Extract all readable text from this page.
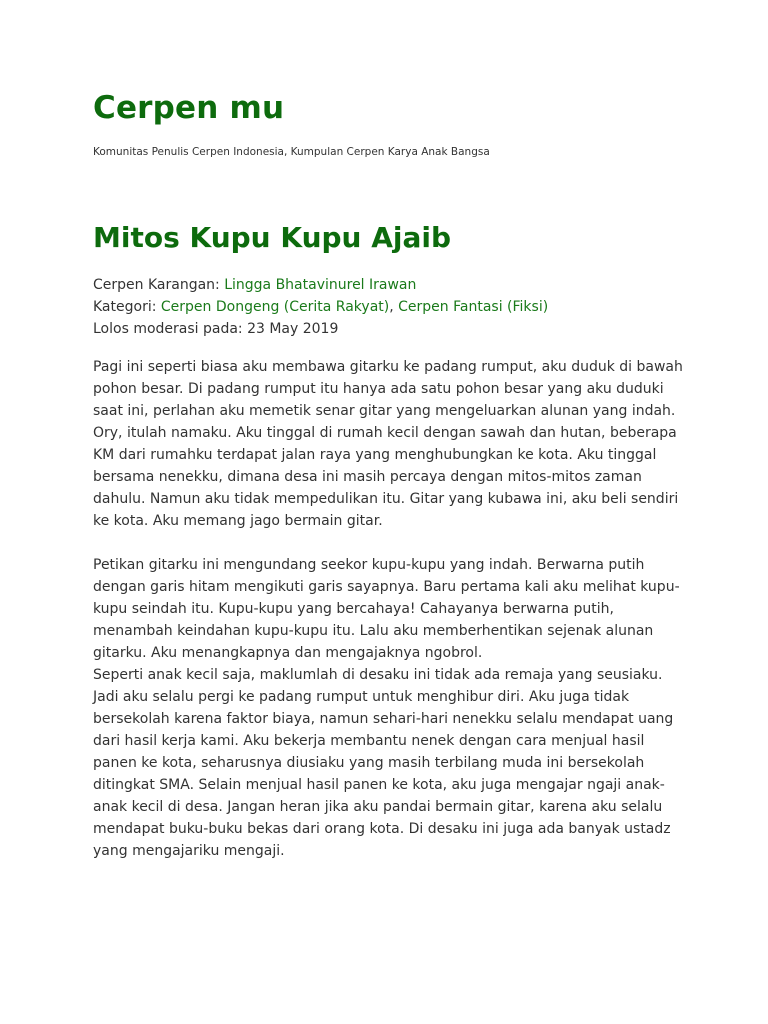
Cerpen mu
Komunitas Penulis Cerpen Indonesia, Kumpulan Cerpen Karya Anak Bangsa
Mitos Kupu Kupu Ajaib
Cerpen Karangan: Lingga Bhatavinurel Irawan
Kategori: Cerpen Dongeng (Cerita Rakyat), Cerpen Fantasi (Fiksi)
Lolos moderasi pada: 23 May 2019

Pagi ini seperti biasa aku membawa gitarku ke padang rumput, aku duduk di bawah pohon besar. Di padang rumput itu hanya ada satu pohon besar yang aku duduki saat ini, perlahan aku memetik senar gitar yang mengeluarkan alunan yang indah. Ory, itulah namaku. Aku tinggal di rumah kecil dengan sawah dan hutan, beberapa KM dari rumahku terdapat jalan raya yang menghubungkan ke kota. Aku tinggal bersama nenekku, dimana desa ini masih percaya dengan mitos-mitos zaman dahulu. Namun aku tidak mempedulikan itu. Gitar yang kubawa ini, aku beli sendiri ke kota. Aku memang jago bermain gitar.

Petikan gitarku ini mengundang seekor kupu-kupu yang indah. Berwarna putih dengan garis hitam mengikuti garis sayapnya. Baru pertama kali aku melihat kupu-kupu seindah itu. Kupu-kupu yang bercahaya! Cahayanya berwarna putih, menambah keindahan kupu-kupu itu. Lalu aku memberhentikan sejenak alunan gitarku. Aku menangkapnya dan mengajaknya ngobrol.

Seperti anak kecil saja, maklumlah di desaku ini tidak ada remaja yang seusiaku. Jadi aku selalu pergi ke padang rumput untuk menghibur diri. Aku juga tidak bersekolah karena faktor biaya, namun sehari-hari nenekku selalu mendapat uang dari hasil kerja kami. Aku bekerja membantu nenek dengan cara menjual hasil panen ke kota, seharusnya diusiaku yang masih terbilang muda ini bersekolah ditingkat SMA. Selain menjual hasil panen ke kota, aku juga mengajar ngaji anak-anak kecil di desa. Jangan heran jika aku pandai bermain gitar, karena aku selalu mendapat buku-buku bekas dari orang kota. Di desaku ini juga ada banyak ustadz yang mengajariku mengaji.
